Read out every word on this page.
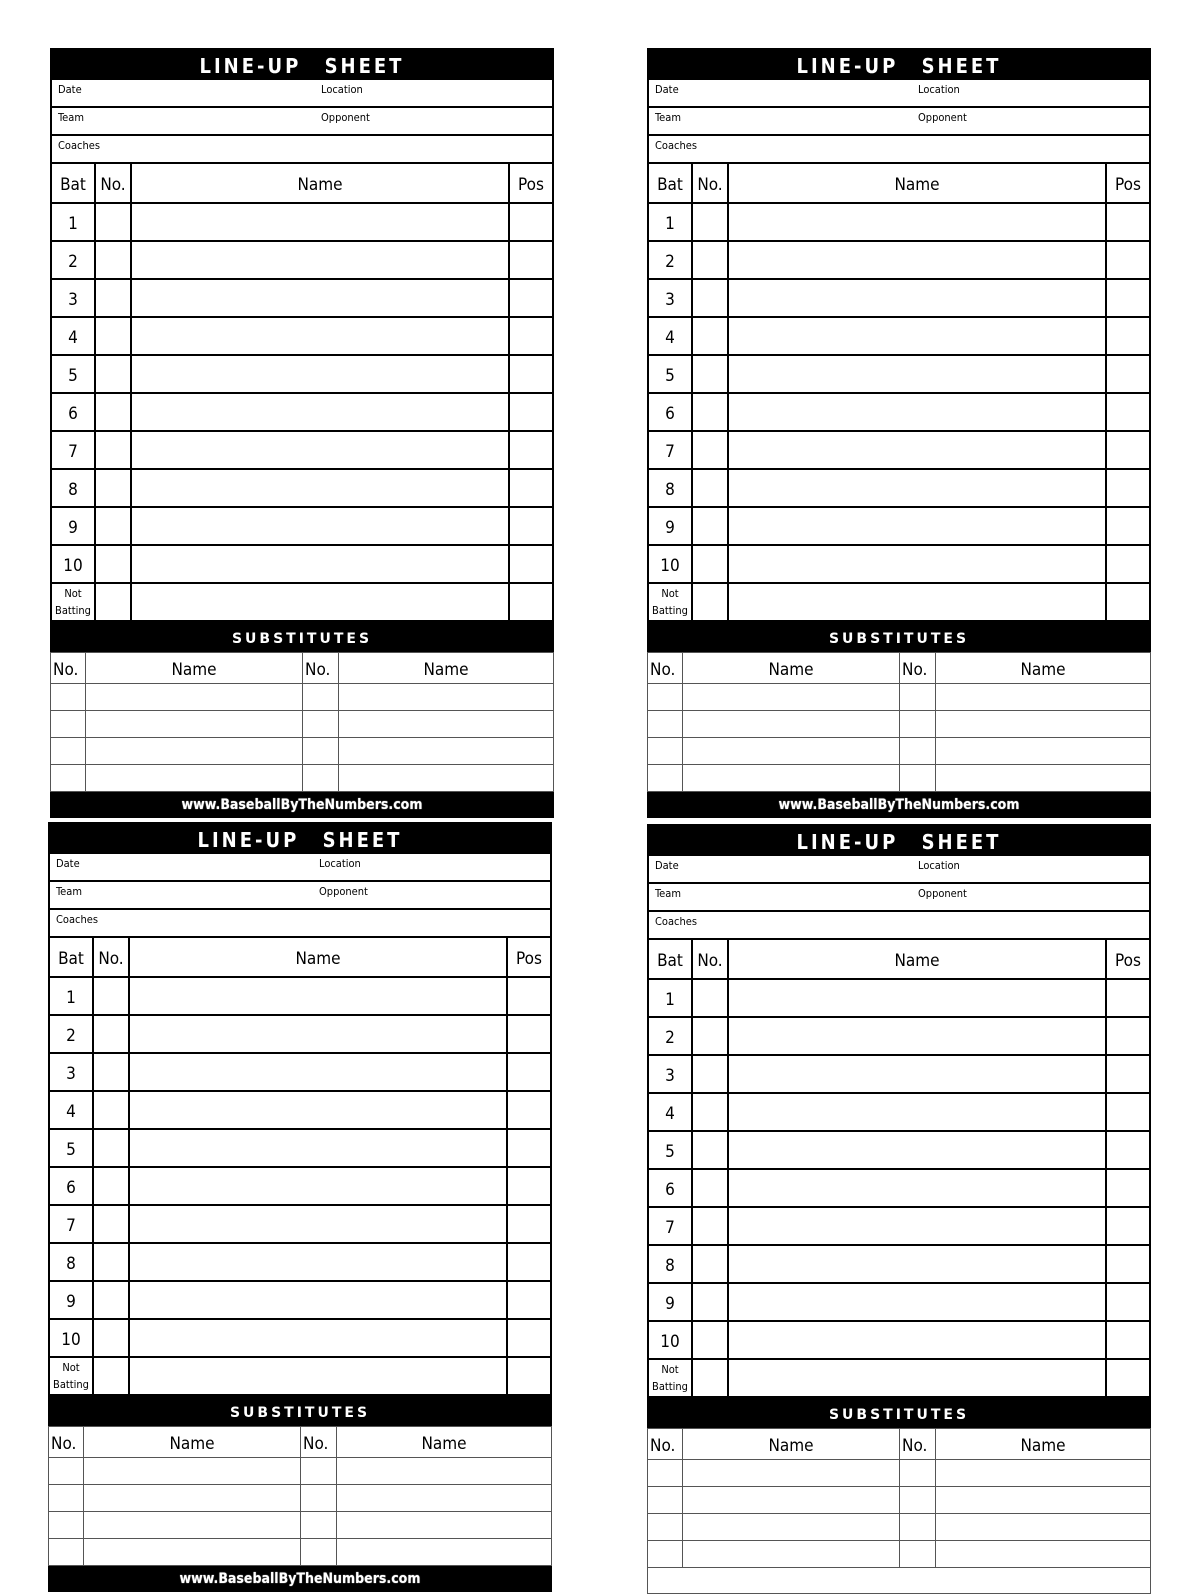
LINE-UP SHEET
Date	Location
Team	Opponent
Coaches
Bat	No.	Name	Pos
1			
2			
3			
4			
5			
6			
7			
8			
9			
10			
Not
Batting			
SUBSTITUTES
No.	Name	No.	Name

www.BaseballByTheNumbers.com
LINE-UP SHEET
Date	Location
Team	Opponent
Coaches
Bat	No.	Name	Pos
1			
2			
3			
4			
5			
6			
7			
8			
9			
10			
Not
Batting			
SUBSTITUTES
No.	Name	No.	Name

www.BaseballByTheNumbers.com
LINE-UP SHEET
Date	Location
Team	Opponent
Coaches
Bat	No.	Name	Pos
1			
2			
3			
4			
5			
6			
7			
8			
9			
10			
Not
Batting			
SUBSTITUTES
No.	Name	No.	Name

www.BaseballByTheNumbers.com
LINE-UP SHEET
Date	Location
Team	Opponent
Coaches
Bat	No.	Name	Pos
1			
2			
3			
4			
5			
6			
7			
8			
9			
10			
Not
Batting			
SUBSTITUTES
No.	Name	No.	Name
